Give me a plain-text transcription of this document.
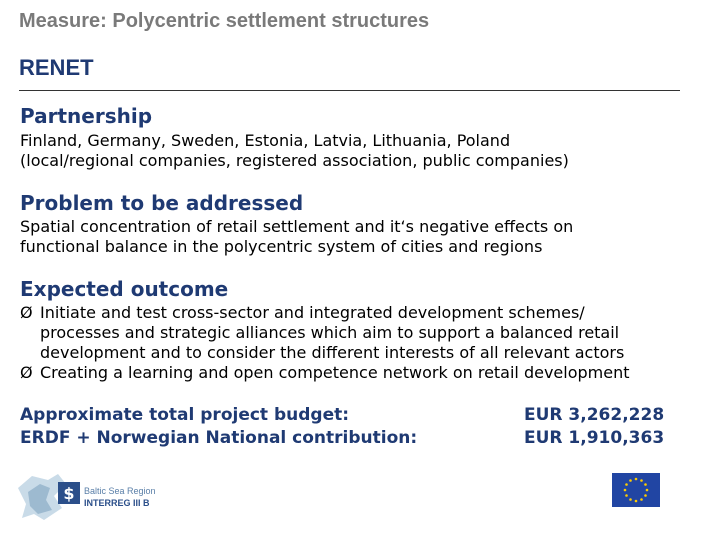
Measure: Polycentric settlement structures
RENET
Partnership
Finland, Germany, Sweden, Estonia, Latvia, Lithuania, Poland
(local/regional companies, registered association, public companies)
Problem to be addressed
Spatial concentration of retail settlement and it‘s negative effects on
functional balance in the polycentric system of cities and regions
Expected outcome
Ø Initiate and test cross-sector and integrated development schemes/
processes and strategic alliances which aim to support a balanced retail
development and to consider the different interests of all relevant actors
Ø Creating a learning and open competence network on retail development
Approximate total project budget:
ERDF + Norwegian National contribution:
EUR 3,262,228
EUR 1,910,363
$ Baltic Sea Region
INTERREG III B
